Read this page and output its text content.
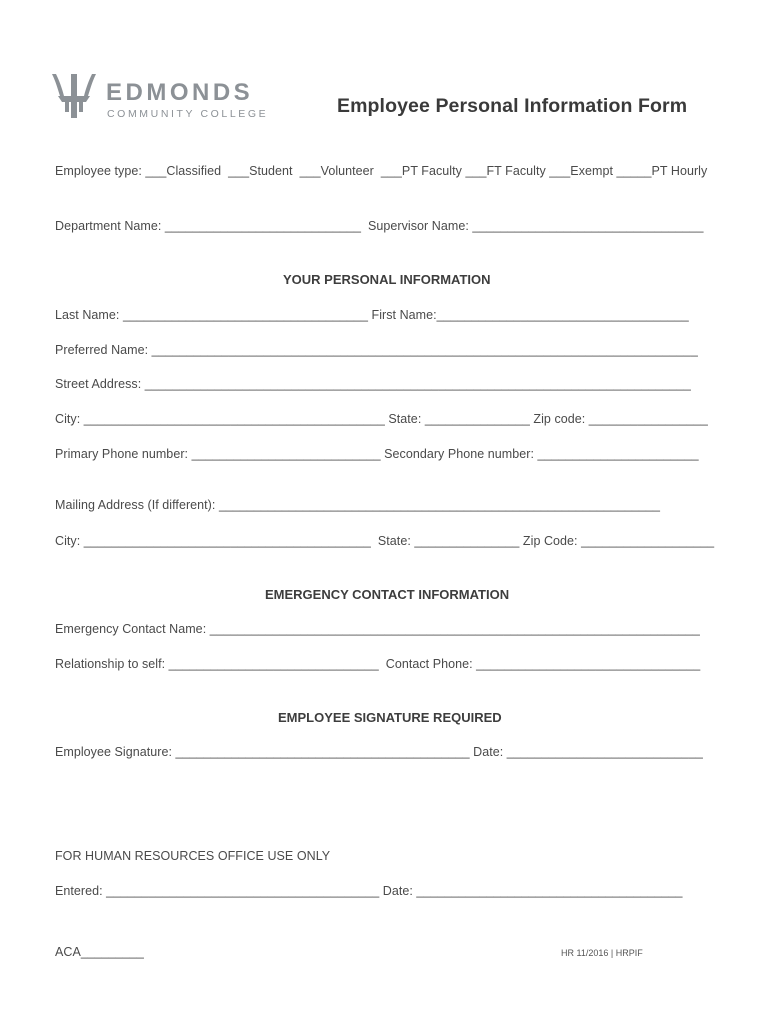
EDMONDS
COMMUNITY COLLEGE	Employee Personal Information Form
Employee type: ___Classified  ___Student  ___Volunteer  ___PT Faculty ___FT Faculty ___Exempt _____PT Hourly
Department Name: ____________________________  Supervisor Name: _________________________________
YOUR PERSONAL INFORMATION
Last Name: ___________________________________ First Name:____________________________________
Preferred Name: ______________________________________________________________________________
Street Address: ______________________________________________________________________________
City: ___________________________________________ State: _______________ Zip code: _________________
Primary Phone number: ___________________________ Secondary Phone number: _______________________
Mailing Address (If different): _______________________________________________________________
City: _________________________________________  State: _______________ Zip Code: ___________________
EMERGENCY CONTACT INFORMATION
Emergency Contact Name: ______________________________________________________________________
Relationship to self: ______________________________  Contact Phone: ________________________________
EMPLOYEE SIGNATURE REQUIRED
Employee Signature: __________________________________________ Date: ____________________________
FOR HUMAN RESOURCES OFFICE USE ONLY
Entered: _______________________________________ Date: ______________________________________
ACA_________	HR 11/2016 | HRPIF
